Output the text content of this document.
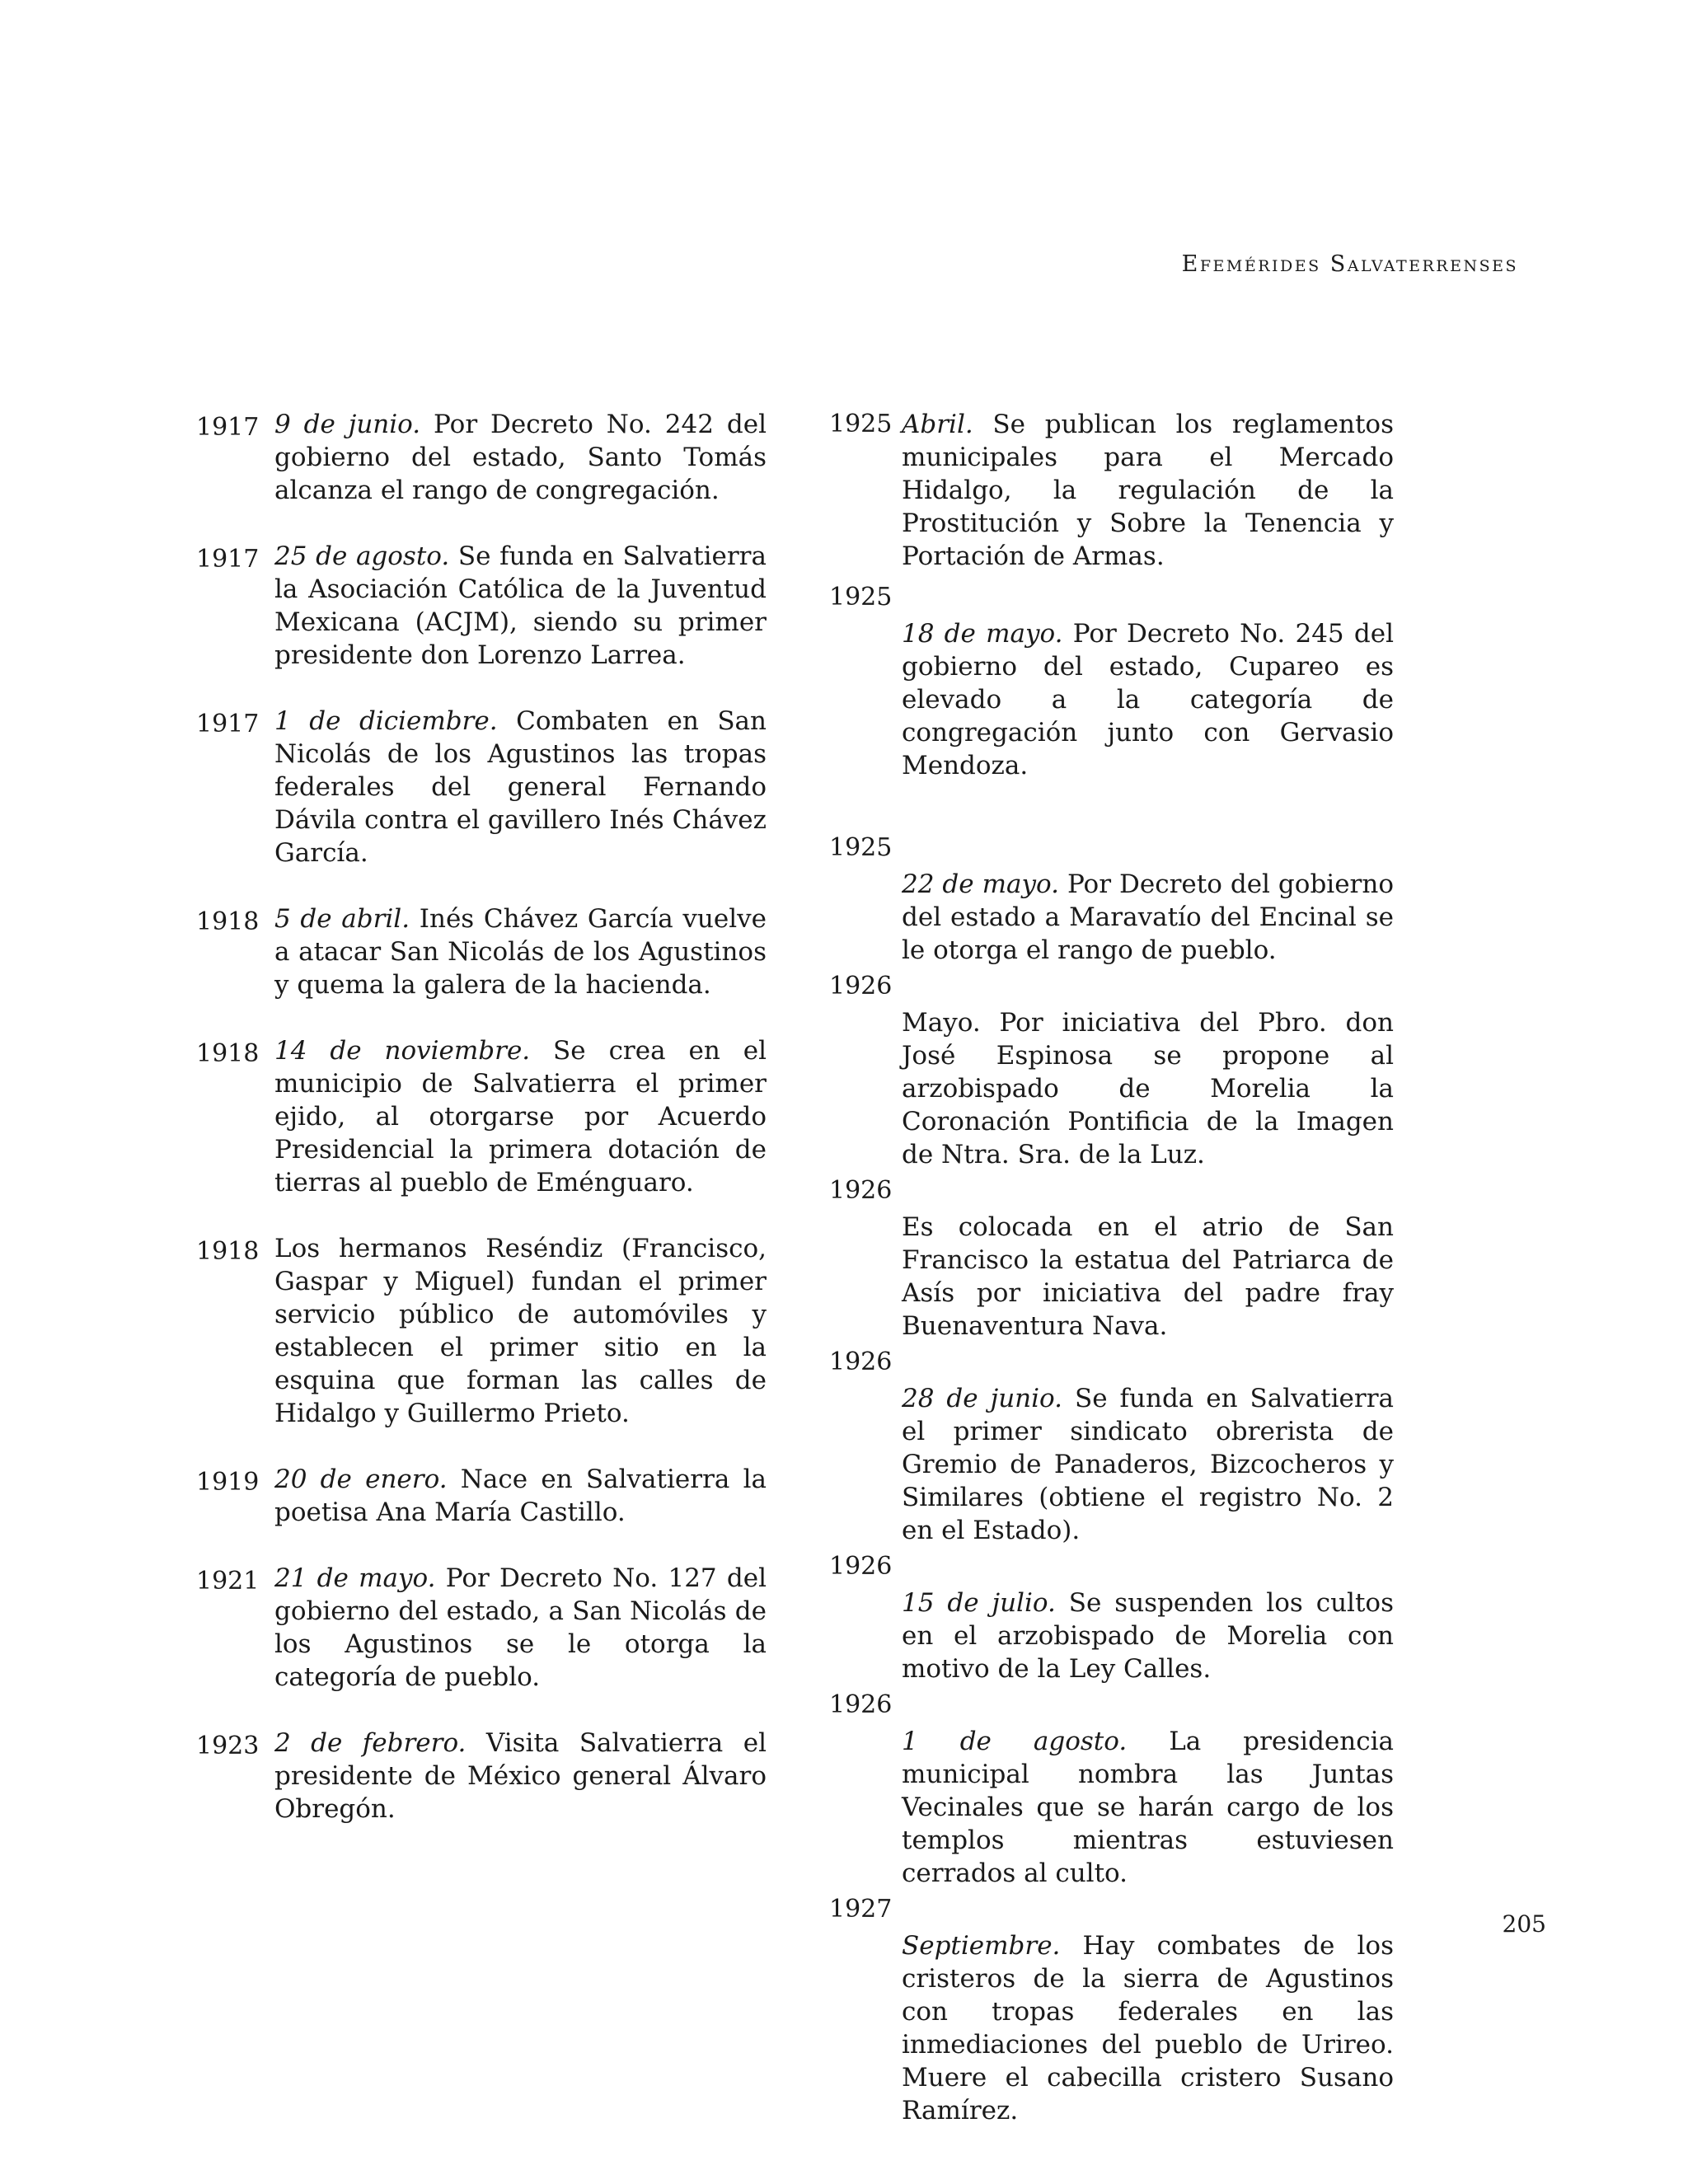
Efemérides Salvaterrenses
1917 9 de junio. Por Decreto No. 242 del gobierno del estado, Santo Tomás alcanza el rango de congregación.
1917 25 de agosto. Se funda en Salvatierra la Asociación Católica de la Juventud Mexicana (ACJM), siendo su primer presidente don Lorenzo Larrea.
1917 1 de diciembre. Combaten en San Nicolás de los Agustinos las tropas federales del general Fernando Dávila contra el gavillero Inés Chávez García.
1918 5 de abril. Inés Chávez García vuelve a atacar San Nicolás de los Agustinos y quema la galera de la hacienda.
1918 14 de noviembre. Se crea en el municipio de Salvatierra el primer ejido, al otorgarse por Acuerdo Presidencial la primera dotación de tierras al pueblo de Eménguaro.
1918 Los hermanos Reséndiz (Francisco, Gaspar y Miguel) fundan el primer servicio público de automóviles y establecen el primer sitio en la esquina que forman las calles de Hidalgo y Guillermo Prieto.
1919 20 de enero. Nace en Salvatierra la poetisa Ana María Castillo.
1921 21 de mayo. Por Decreto No. 127 del gobierno del estado, a San Nicolás de los Agustinos se le otorga la categoría de pueblo.
1923 2 de febrero. Visita Salvatierra el presidente de México general Álvaro Obregón.
1925 Abril. Se publican los reglamentos municipales para el Mercado Hidalgo, la regulación de la Prostitución y Sobre la Tenencia y Portación de Armas.
1925
18 de mayo. Por Decreto No. 245 del gobierno del estado, Cupareo es elevado a la categoría de congregación junto con Gervasio Mendoza.
1925
22 de mayo. Por Decreto del gobierno del estado a Maravatío del Encinal se le otorga el rango de pueblo.
1926
Mayo. Por iniciativa del Pbro. don José Espinosa se propone al arzobispado de Morelia la Coronación Pontificia de la Imagen de Ntra. Sra. de la Luz.
1926
Es colocada en el atrio de San Francisco la estatua del Patriarca de Asís por iniciativa del padre fray Buenaventura Nava.
1926
28 de junio. Se funda en Salvatierra el primer sindicato obrerista de Gremio de Panaderos, Bizcocheros y Similares (obtiene el registro No. 2 en el Estado).
1926
15 de julio. Se suspenden los cultos en el arzobispado de Morelia con motivo de la Ley Calles.
1926
1 de agosto. La presidencia municipal nombra las Juntas Vecinales que se harán cargo de los templos mientras estuviesen cerrados al culto.
1927
Septiembre. Hay combates de los cristeros de la sierra de Agustinos con tropas federales en las inmediaciones del pueblo de Urireo. Muere el cabecilla cristero Susano Ramírez.
205
